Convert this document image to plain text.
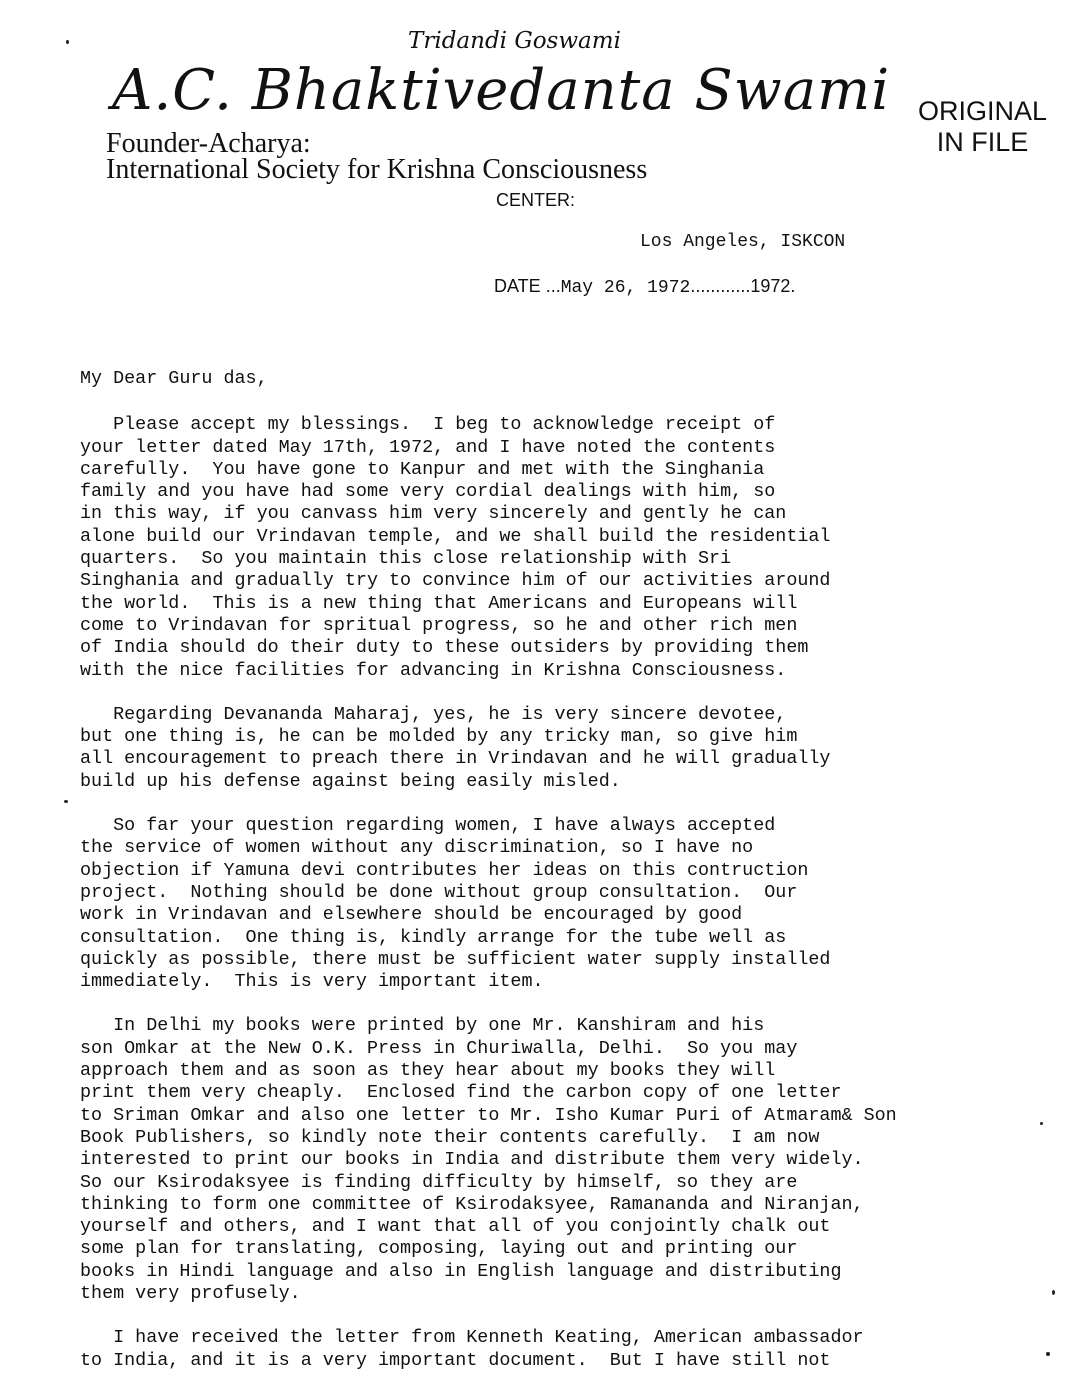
Tridandi Goswami
A.C. Bhaktivedanta Swami
Founder-Acharya:
International Society for Krishna Consciousness
CENTER:
ORIGINAL
IN FILE
Los Angeles, ISKCON
DATE ...May 26, 1972............1972.
My Dear Guru das,
Please accept my blessings.  I beg to acknowledge receipt of
your letter dated May 17th, 1972, and I have noted the contents
carefully.  You have gone to Kanpur and met with the Singhania
family and you have had some very cordial dealings with him, so
in this way, if you canvass him very sincerely and gently he can
alone build our Vrindavan temple, and we shall build the residential
quarters.  So you maintain this close relationship with Sri
Singhania and gradually try to convince him of our activities around
the world.  This is a new thing that Americans and Europeans will
come to Vrindavan for spritual progress, so he and other rich men
of India should do their duty to these outsiders by providing them
with the nice facilities for advancing in Krishna Consciousness.
Regarding Devananda Maharaj, yes, he is very sincere devotee,
but one thing is, he can be molded by any tricky man, so give him
all encouragement to preach there in Vrindavan and he will gradually
build up his defense against being easily misled.
So far your question regarding women, I have always accepted
the service of women without any discrimination, so I have no
objection if Yamuna devi contributes her ideas on this contruction
project.  Nothing should be done without group consultation.  Our
work in Vrindavan and elsewhere should be encouraged by good
consultation.  One thing is, kindly arrange for the tube well as
quickly as possible, there must be sufficient water supply installed
immediately.  This is very important item.
In Delhi my books were printed by one Mr. Kanshiram and his
son Omkar at the New O.K. Press in Churiwalla, Delhi.  So you may
approach them and as soon as they hear about my books they will
print them very cheaply.  Enclosed find the carbon copy of one letter
to Sriman Omkar and also one letter to Mr. Isho Kumar Puri of Atmaram& Son
Book Publishers, so kindly note their contents carefully.  I am now
interested to print our books in India and distribute them very widely.
So our Ksirodaksyee is finding difficulty by himself, so they are
thinking to form one committee of Ksirodaksyee, Ramananda and Niranjan,
yourself and others, and I want that all of you conjointly chalk out
some plan for translating, composing, laying out and printing our
books in Hindi language and also in English language and distributing
them very profusely.
I have received the letter from Kenneth Keating, American ambassador
to India, and it is a very important document.  But I have still not
